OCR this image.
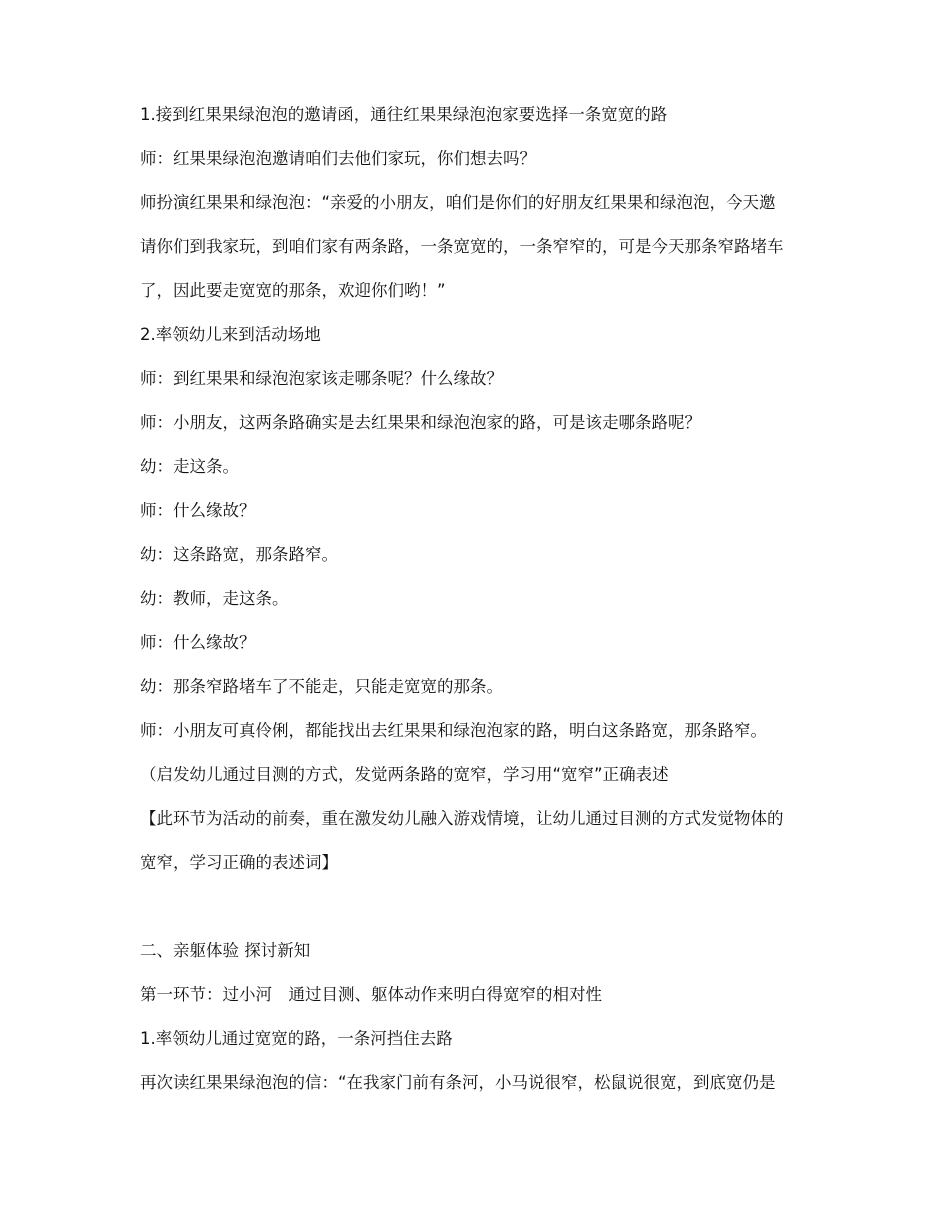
1.接到红果果绿泡泡的邀请函，通往红果果绿泡泡家要选择一条宽宽的路
师：红果果绿泡泡邀请咱们去他们家玩，你们想去吗？
师扮演红果果和绿泡泡：“亲爱的小朋友，咱们是你们的好朋友红果果和绿泡泡，今天邀
请你们到我家玩，到咱们家有两条路，一条宽宽的，一条窄窄的，可是今天那条窄路堵车
了，因此要走宽宽的那条，欢迎你们哟！”
2.率领幼儿来到活动场地
师：到红果果和绿泡泡家该走哪条呢？什么缘故？
师：小朋友，这两条路确实是去红果果和绿泡泡家的路，可是该走哪条路呢？
幼：走这条。
师：什么缘故？
幼：这条路宽，那条路窄。
幼：教师，走这条。
师：什么缘故？
幼：那条窄路堵车了不能走，只能走宽宽的那条。
师：小朋友可真伶俐，都能找出去红果果和绿泡泡家的路，明白这条路宽，那条路窄。
（启发幼儿通过目测的方式，发觉两条路的宽窄，学习用“宽窄”正确表述
【此环节为活动的前奏，重在激发幼儿融入游戏情境，让幼儿通过目测的方式发觉物体的
宽窄，学习正确的表述词】
二、亲躯体验 探讨新知
第一环节：过小河　通过目测、躯体动作来明白得宽窄的相对性
1.率领幼儿通过宽宽的路，一条河挡住去路
再次读红果果绿泡泡的信：“在我家门前有条河，小马说很窄，松鼠说很宽，到底宽仍是
